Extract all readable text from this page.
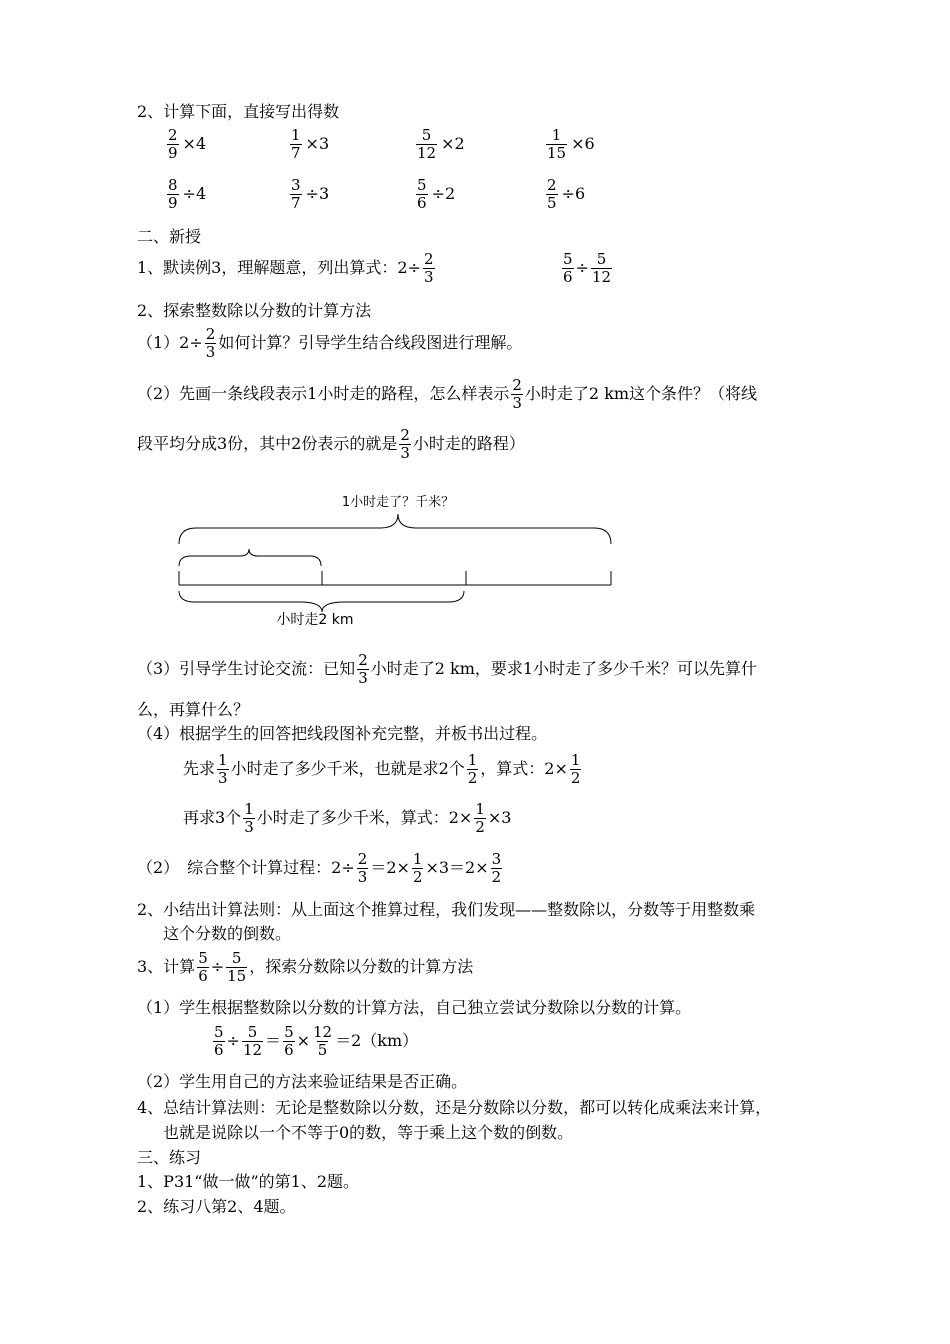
2、计算下面，直接写出得数
$\frac{2}{9} \times 4$	$\frac{1}{7} \times 3$	$\frac{5}{12} \times 2$	$\frac{1}{15} \times 6$
$\frac{8}{9} \div 4$	$\frac{3}{7} \div 3$	$\frac{5}{6} \div 2$	$\frac{2}{5} \div 6$
二、新授
1、默读例3，理解题意，列出算式：$2\div \frac{2}{3}$	$\frac{5}{6} \div \frac{5}{12}$
2、探索整数除以分数的计算方法
$(1)2\div \frac{2}{3}$ 如何计算？引导学生结合线段图进行理解。
（2）先画一条线段表示1小时走的路程，怎么样表示 $\frac{2}{3}$ 小时走了2 km这个条件？（将线
段平均分成3份，其中2份表示的就是 $\frac{2}{3}$ 小时走的路程）
1小时走了？千米？
小时走2 km
（3）引导学生讨论交流：已知 $\frac{2}{3}$ 小时走了2 km，要求1小时走了多少千米？可以先算什
么，再算什么？
（4）根据学生的回答把线段图补充完整，并板书出过程。
先求 $\frac{1}{3}$ 小时走了多少千米，也就是求2个 $\frac{1}{2}$ ，算式：$2\times \frac{1}{2}$
再求3个 $\frac{1}{3}$ 小时走了多少千米，算式：$2\times \frac{1}{2} \times 3$
（2）　综合整个计算过程：$2\div \frac{2}{3} =2\times \frac{1}{2} \times 3=2\times \frac{3}{2}$
2、小结出计算法则：从上面这个推算过程，我们发现——整数除以，分数等于用整数乘
这个分数的倒数。
3、计算 $\frac{5}{6} \div \frac{5}{15}$ ，探索分数除以分数的计算方法
（1）学生根据整数除以分数的计算方法，自己独立尝试分数除以分数的计算。
$\frac{5}{6} \div \frac{5}{12} = \frac{5}{6} \times \frac{12}{5} =2(km)$
（2）学生用自己的方法来验证结果是否正确。
4、总结计算法则：无论是整数除以分数，还是分数除以分数，都可以转化成乘法来计算，
也就是说除以一个不等于0的数，等于乘上这个数的倒数。
三、练习
1、P31“做一做”的第1、2题。
2、练习八第2、4题。
